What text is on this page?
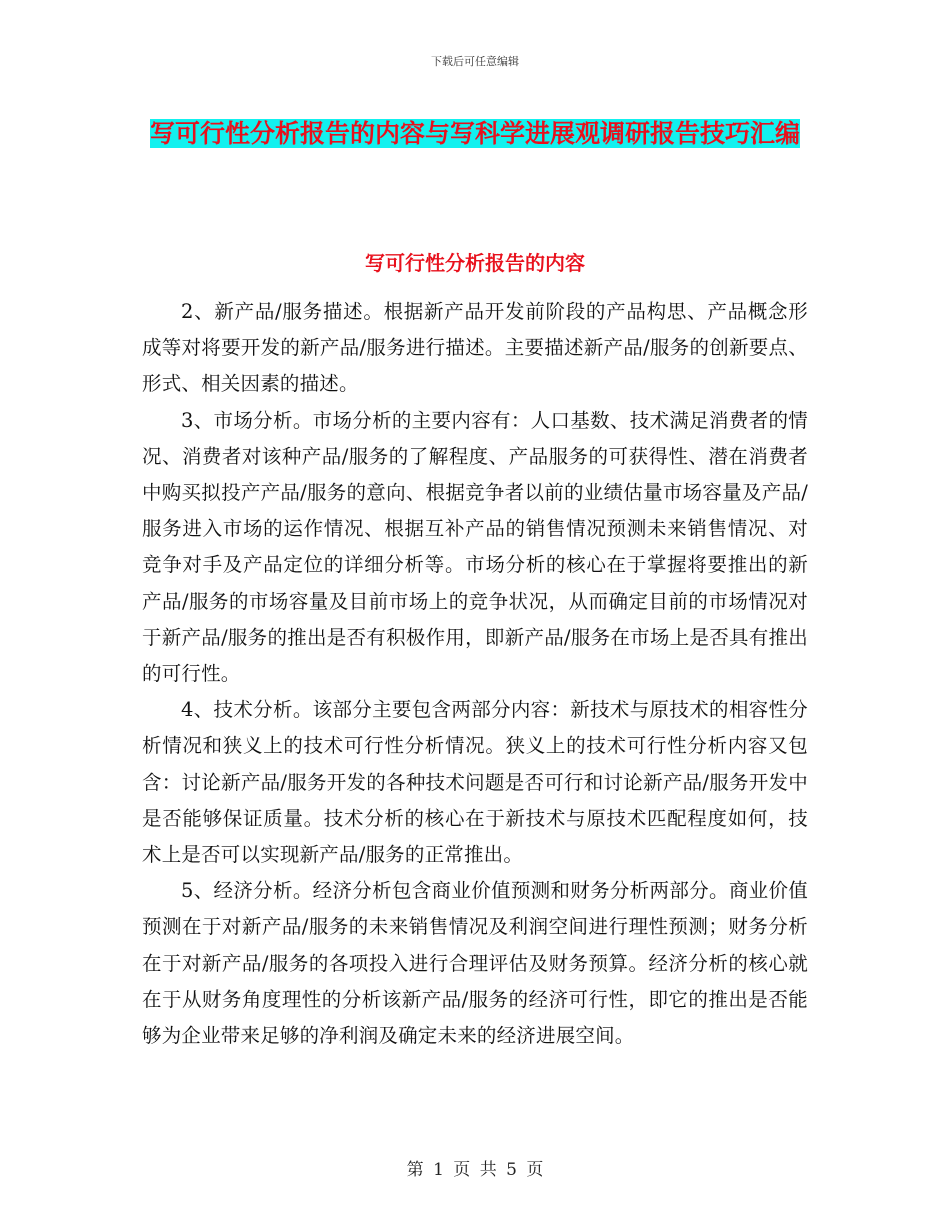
下载后可任意编辑
写可行性分析报告的内容与写科学进展观调研报告技巧汇编
写可行性分析报告的内容

2、新产品/服务描述。根据新产品开发前阶段的产品构思、产品概念形成等对将要开发的新产品/服务进行描述。主要描述新产品/服务的创新要点、形式、相关因素的描述。

3、市场分析。市场分析的主要内容有：人口基数、技术满足消费者的情况、消费者对该种产品/服务的了解程度、产品服务的可获得性、潜在消费者中购买拟投产产品/服务的意向、根据竞争者以前的业绩估量市场容量及产品/服务进入市场的运作情况、根据互补产品的销售情况预测未来销售情况、对竞争对手及产品定位的详细分析等。市场分析的核心在于掌握将要推出的新产品/服务的市场容量及目前市场上的竞争状况，从而确定目前的市场情况对于新产品/服务的推出是否有积极作用，即新产品/服务在市场上是否具有推出的可行性。

4、技术分析。该部分主要包含两部分内容：新技术与原技术的相容性分析情况和狭义上的技术可行性分析情况。狭义上的技术可行性分析内容又包含：讨论新产品/服务开发的各种技术问题是否可行和讨论新产品/服务开发中是否能够保证质量。技术分析的核心在于新技术与原技术匹配程度如何，技术上是否可以实现新产品/服务的正常推出。

5、经济分析。经济分析包含商业价值预测和财务分析两部分。商业价值预测在于对新产品/服务的未来销售情况及利润空间进行理性预测；财务分析在于对新产品/服务的各项投入进行合理评估及财务预算。经济分析的核心就在于从财务角度理性的分析该新产品/服务的经济可行性，即它的推出是否能够为企业带来足够的净利润及确定未来的经济进展空间。

第 1 页 共 5 页
